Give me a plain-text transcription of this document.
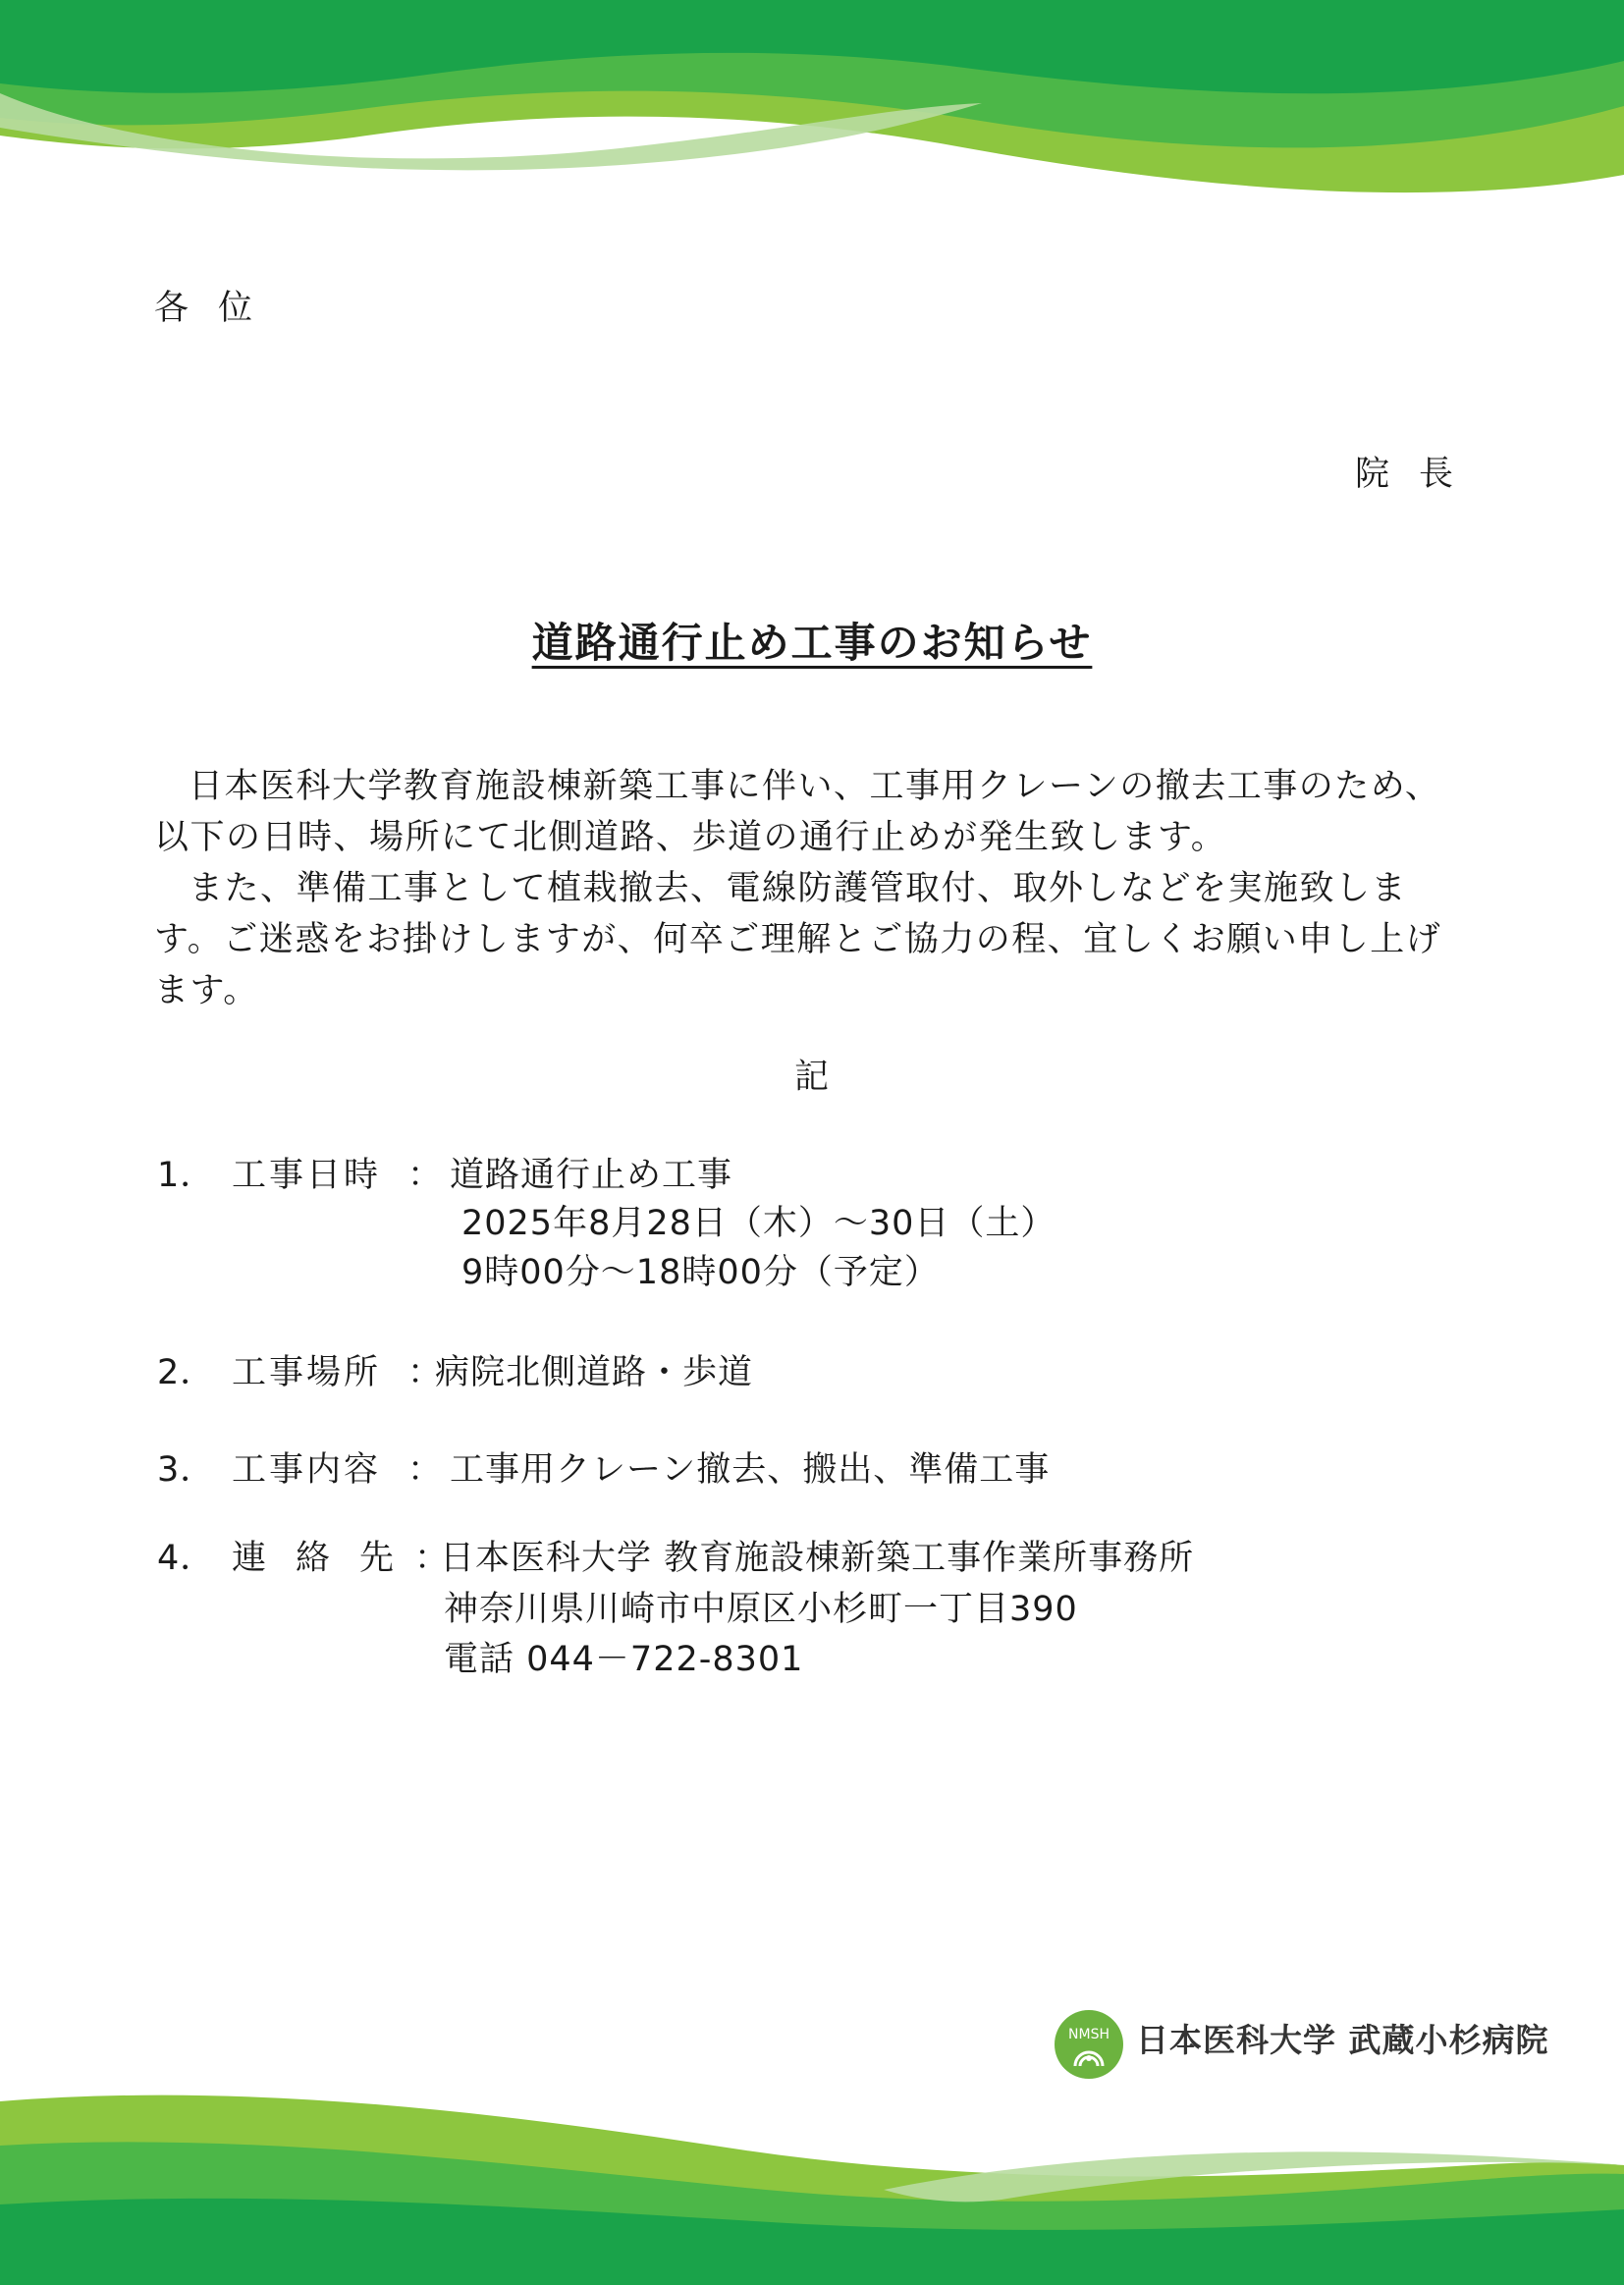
各位
院長
道路通行止め工事のお知らせ

日本医科大学教育施設棟新築工事に伴い、工事用クレーンの撤去工事のため、以下の日時、場所にて北側道路、歩道の通行止めが発生致します。

また、準備工事として植栽撤去、電線防護管取付、取外しなどを実施致します。ご迷惑をお掛けしますが、何卒ご理解とご協力の程、宜しくお願い申し上げます。

記
1． 工事日時 ： 道路通行止め工事
2025年8月28日（木）～30日（土）
9時00分～18時00分（予定）
2． 工事場所 ：
病院北側道路・歩道
3． 工事内容 ： 工事用クレーン撤去、搬出、準備工事
4． 連絡先
：
日本医科大学 教育施設棟新築工事作業所事務所
神奈川県川崎市中原区小杉町一丁目390
電話 044－722-8301
NMSH 日本医科大学 武蔵小杉病院
